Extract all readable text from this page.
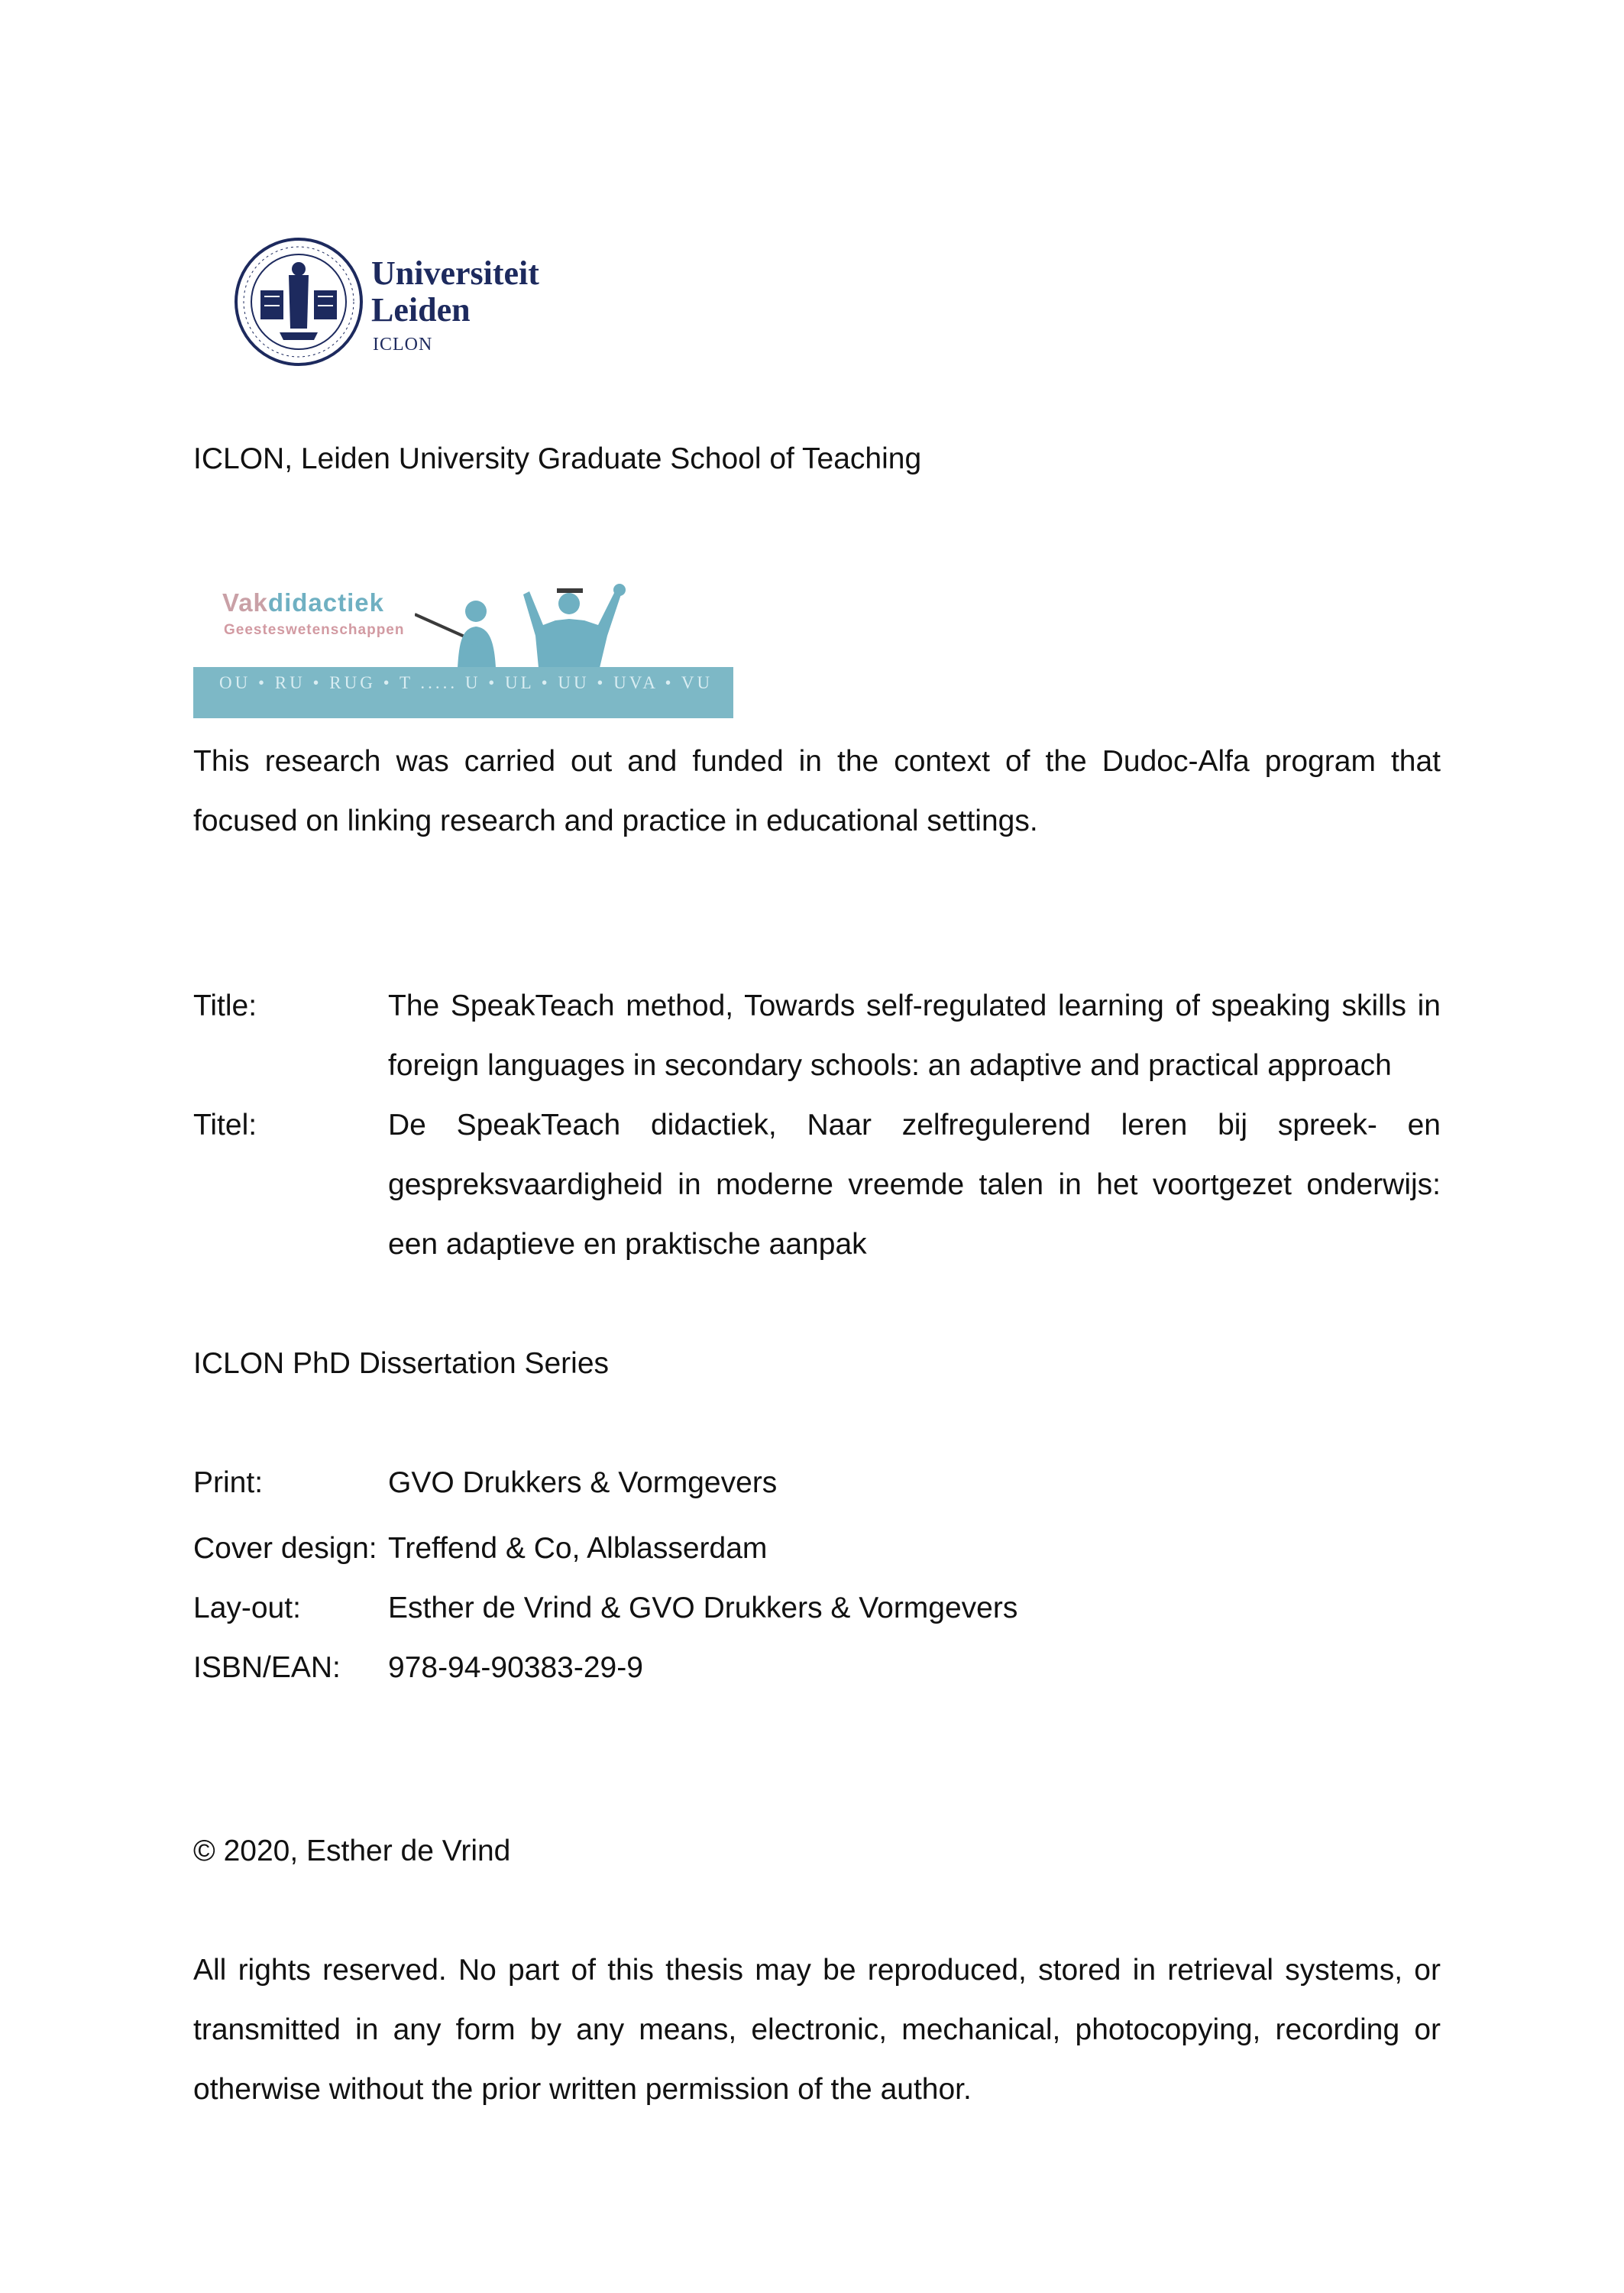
Universiteit
Leiden
ICLON
ICLON, Leiden University Graduate School of Teaching
Vakdidactiek
Geesteswetenschappen
OU • RU • RUG • T ..... U • UL • UU • UVA • VU
This research was carried out and funded in the context of the Dudoc-Alfa program that focused on linking research and practice in educational settings.
Title:	The SpeakTeach method, Towards self-regulated learning of speaking skills in foreign languages in secondary schools: an adaptive and practical approach
Titel:	De SpeakTeach didactiek, Naar zelfregulerend leren bij spreek- en gespreksvaardigheid in moderne vreemde talen in het voortgezet onderwijs: een adaptieve en praktische aanpak
ICLON PhD Dissertation Series
Print:	GVO Drukkers & Vormgevers
Cover design: Treffend & Co, Alblasserdam
Lay-out:	Esther de Vrind & GVO Drukkers & Vormgevers
ISBN/EAN: 978-94-90383-29-9
© 2020, Esther de Vrind
All rights reserved. No part of this thesis may be reproduced, stored in retrieval systems, or transmitted in any form by any means, electronic, mechanical, photocopying, recording or otherwise without the prior written permission of the author.
